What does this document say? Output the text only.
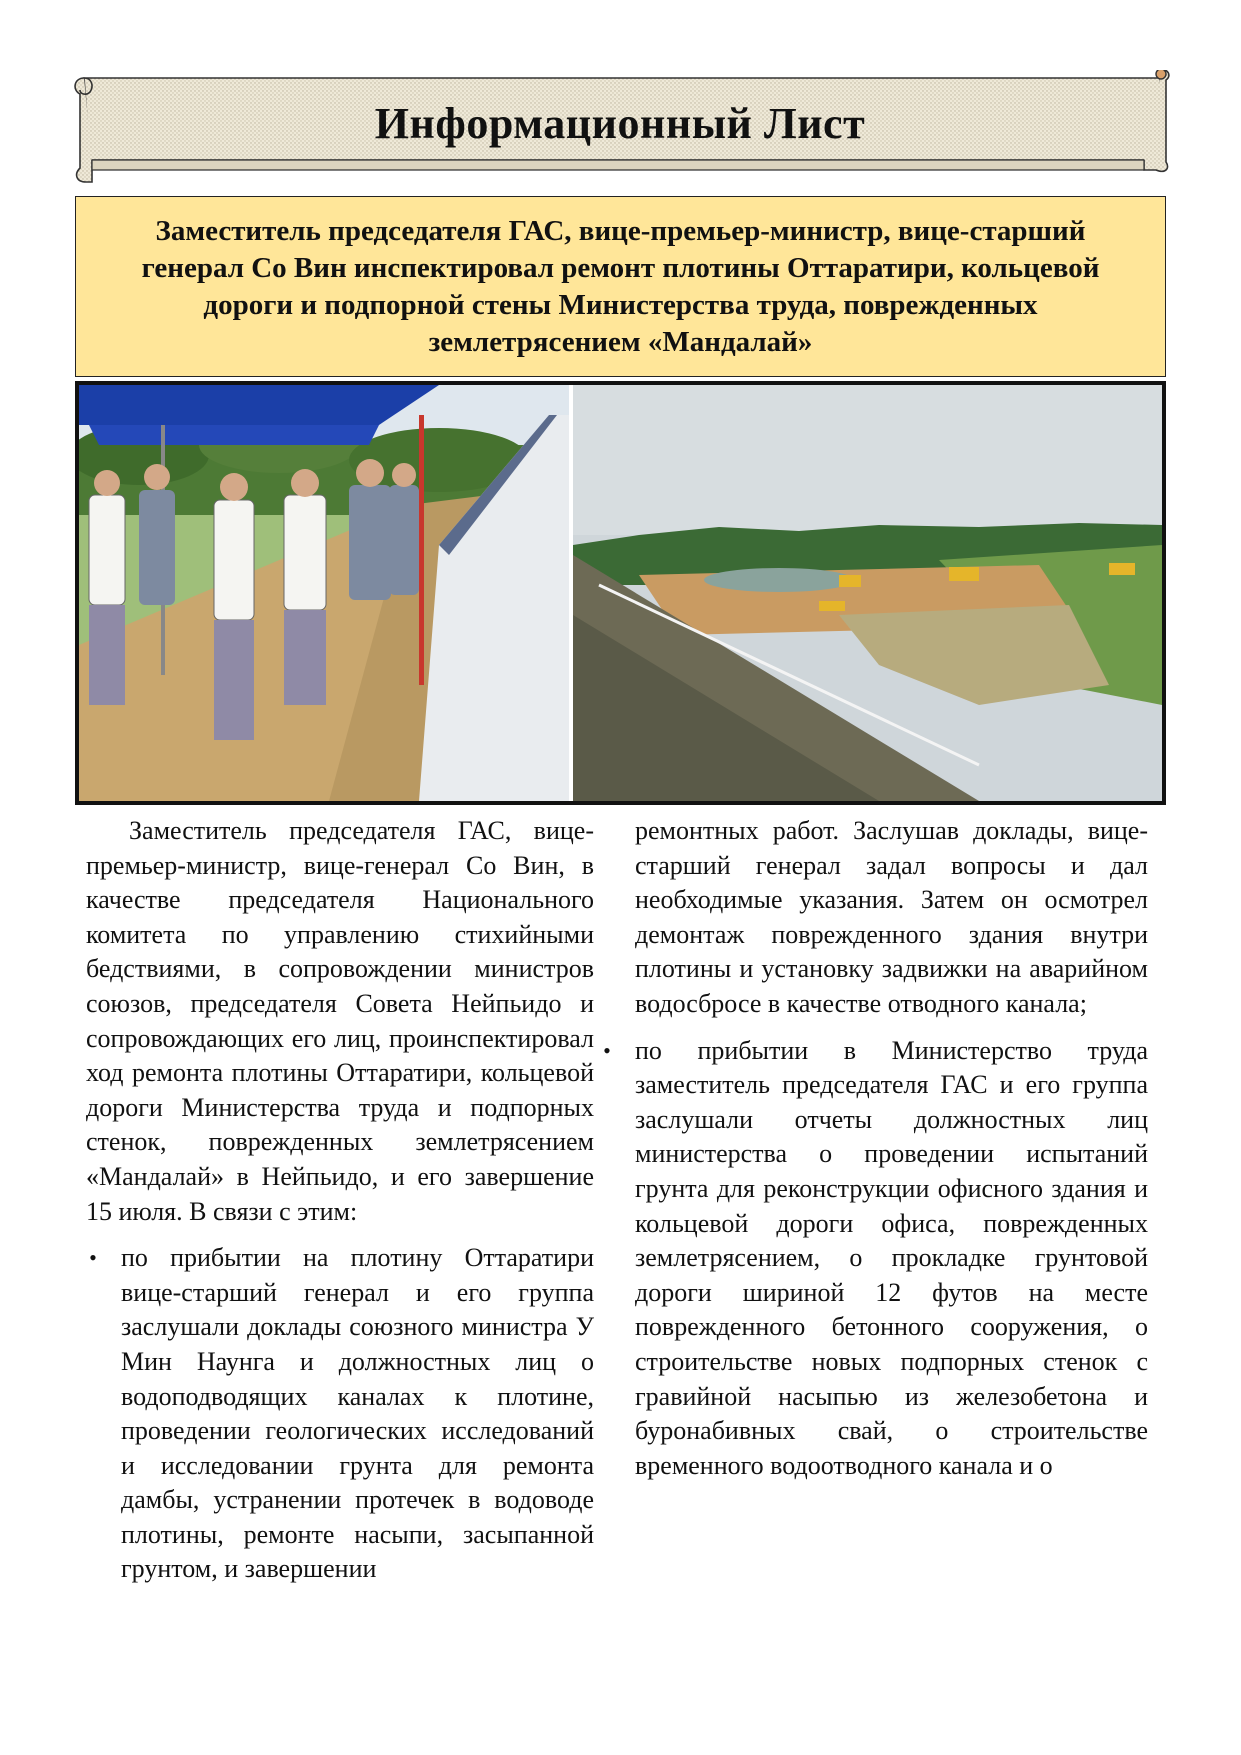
Информационный Лист
Заместитель председателя ГАС, вице-премьер-министр, вице-старший генерал Со Вин инспектировал ремонт плотины Оттаратири, кольцевой дороги и подпорной стены Министерства труда, поврежденных землетрясением «Мандалай»

Заместитель председателя ГАС, вице-премьер-министр, вице-генерал Со Вин, в качестве председателя Национального комитета по управлению стихийными бедствиями, в сопровождении министров союзов, председателя Совета Нейпьидо и сопровождающих его лиц, проинспектировал ход ремонта плотины Оттаратири, кольцевой дороги Министерства труда и подпорных стенок, поврежденных землетрясением «Мандалай» в Нейпьидо, и его завершение 15 июля. В связи с этим:

• по прибытии на плотину Оттаратири вице-старший генерал и его группа заслушали доклады союзного министра У Мин Наунга и должностных лиц о водоподводящих каналах к плотине, проведении геологических исследований и исследовании грунта для ремонта дамбы, устранении протечек в водоводе плотины, ремонте насыпи, засыпанной грунтом, и завершении

ремонтных работ. Заслушав доклады, вице-старший генерал задал вопросы и дал необходимые указания. Затем он осмотрел демонтаж поврежденного здания внутри плотины и установку задвижки на аварийном водосбросе в качестве отводного канала;

• по прибытии в Министерство труда заместитель председателя ГАС и его группа заслушали отчеты должностных лиц министерства о проведении испытаний грунта для реконструкции офисного здания и кольцевой дороги офиса, поврежденных землетрясением, о прокладке грунтовой дороги шириной 12 футов на месте поврежденного бетонного сооружения, о строительстве новых подпорных стенок с гравийной насыпью из железобетона и буронабивных свай, о строительстве временного водоотводного канала и о
